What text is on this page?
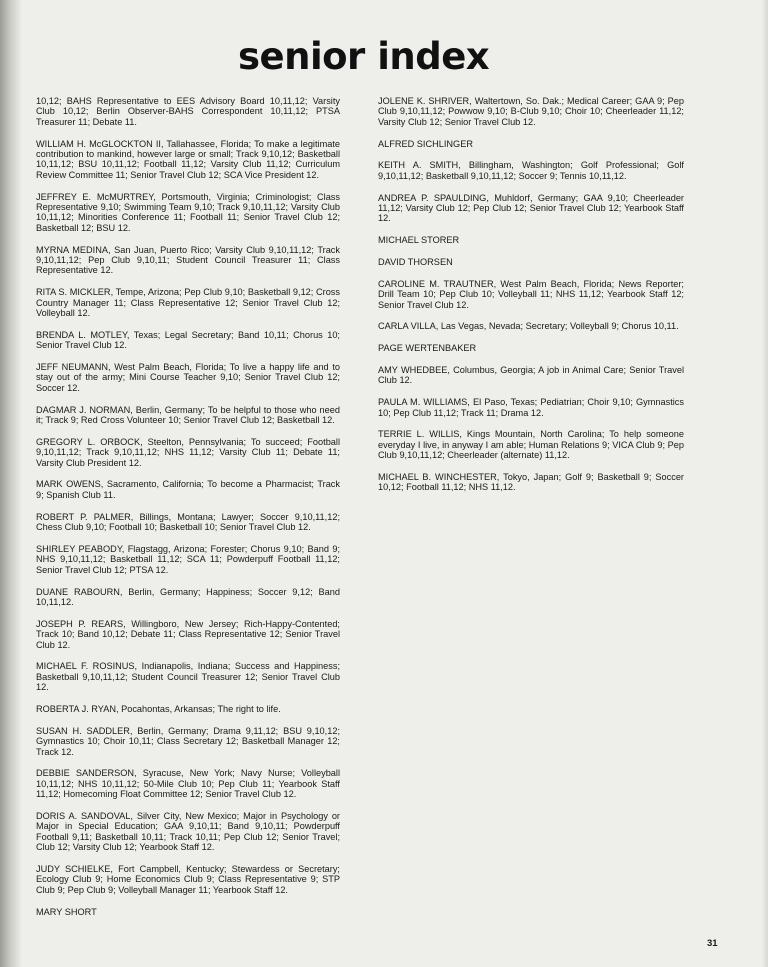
senior index

10,12; BAHS Representative to EES Advisory Board 10,11,12; Varsity Club 10,12; Berlin Observer-BAHS Correspondent 10,11,12; PTSA Treasurer 11; Debate 11.

WILLIAM H. McGLOCKTON II, Tallahassee, Florida; To make a legitimate contribution to mankind, however large or small; Track 9,10,12; Basketball 10,11,12; BSU 10,11,12; Football 11,12; Varsity Club 11,12; Curriculum Review Committee 11; Senior Travel Club 12; SCA Vice President 12.

JEFFREY E. McMURTREY, Portsmouth, Virginia; Criminologist; Class Representative 9,10; Swimming Team 9,10; Track 9,10,11,12; Varsity Club 10,11,12; Minorities Conference 11; Football 11; Senior Travel Club 12; Basketball 12; BSU 12.

MYRNA MEDINA, San Juan, Puerto Rico; Varsity Club 9,10,11,12; Track 9,10,11,12; Pep Club 9,10,11; Student Council Treasurer 11; Class Representative 12.

RITA S. MICKLER, Tempe, Arizona; Pep Club 9,10; Basketball 9,12; Cross Country Manager 11; Class Representative 12; Senior Travel Club 12; Volleyball 12.

BRENDA L. MOTLEY, Texas; Legal Secretary; Band 10,11; Chorus 10; Senior Travel Club 12.

JEFF NEUMANN, West Palm Beach, Florida; To live a happy life and to stay out of the army; Mini Course Teacher 9,10; Senior Travel Club 12; Soccer 12.

DAGMAR J. NORMAN, Berlin, Germany; To be helpful to those who need it; Track 9; Red Cross Volunteer 10; Senior Travel Club 12; Basketball 12.

GREGORY L. ORBOCK, Steelton, Pennsylvania; To succeed; Football 9,10,11,12; Track 9,10,11,12; NHS 11,12; Varsity Club 11; Debate 11; Varsity Club President 12.

MARK OWENS, Sacramento, California; To become a Pharmacist; Track 9; Spanish Club 11.

ROBERT P. PALMER, Billings, Montana; Lawyer; Soccer 9,10,11,12; Chess Club 9,10; Football 10; Basketball 10; Senior Travel Club 12.

SHIRLEY PEABODY, Flagstagg, Arizona; Forester; Chorus 9,10; Band 9; NHS 9,10,11,12; Basketball 11,12; SCA 11; Powderpuff Football 11,12; Senior Travel Club 12; PTSA 12.

DUANE RABOURN, Berlin, Germany; Happiness; Soccer 9,12; Band 10,11,12.

JOSEPH P. REARS, Willingboro, New Jersey; Rich-Happy-Contented; Track 10; Band 10,12; Debate 11; Class Representative 12; Senior Travel Club 12.

MICHAEL F. ROSINUS, Indianapolis, Indiana; Success and Happiness; Basketball 9,10,11,12; Student Council Treasurer 12; Senior Travel Club 12.

ROBERTA J. RYAN, Pocahontas, Arkansas; The right to life.

SUSAN H. SADDLER, Berlin, Germany; Drama 9,11,12; BSU 9,10,12; Gymnastics 10; Choir 10,11; Class Secretary 12; Basketball Manager 12; Track 12.

DEBBIE SANDERSON, Syracuse, New York; Navy Nurse; Volleyball 10,11,12; NHS 10,11,12; 50-Mile Club 10; Pep Club 11; Yearbook Staff 11,12; Homecoming Float Committee 12; Senior Travel Club 12.

DORIS A. SANDOVAL, Silver City, New Mexico; Major in Psychology or Major in Special Education; GAA 9,10,11; Band 9,10,11; Powderpuff Football 9,11; Basketball 10,11; Track 10,11; Pep Club 12; Senior Travel; Club 12; Varsity Club 12; Yearbook Staff 12.

JUDY SCHIELKE, Fort Campbell, Kentucky; Stewardess or Secretary; Ecology Club 9; Home Economics Club 9; Class Representative 9; STP Club 9; Pep Club 9; Volleyball Manager 11; Yearbook Staff 12.

MARY SHORT

JOLENE K. SHRIVER, Waltertown, So. Dak.; Medical Career; GAA 9; Pep Club 9,10,11,12; Powwow 9,10; B-Club 9,10; Choir 10; Cheerleader 11,12; Varsity Club 12; Senior Travel Club 12.

ALFRED SICHLINGER

KEITH A. SMITH, Billingham, Washington; Golf Professional; Golf 9,10,11,12; Basketball 9,10,11,12; Soccer 9; Tennis 10,11,12.

ANDREA P. SPAULDING, Muhldorf, Germany; GAA 9,10; Cheerleader 11,12; Varsity Club 12; Pep Club 12; Senior Travel Club 12; Yearbook Staff 12.

MICHAEL STORER

DAVID THORSEN

CAROLINE M. TRAUTNER, West Palm Beach, Florida; News Reporter; Drill Team 10; Pep Club 10; Volleyball 11; NHS 11,12; Yearbook Staff 12; Senior Travel Club 12.

CARLA VILLA, Las Vegas, Nevada; Secretary; Volleyball 9; Chorus 10,11.

PAGE WERTENBAKER

AMY WHEDBEE, Columbus, Georgia; A job in Animal Care; Senior Travel Club 12.

PAULA M. WILLIAMS, El Paso, Texas; Pediatrian; Choir 9,10; Gymnastics 10; Pep Club 11,12; Track 11; Drama 12.

TERRIE L. WILLIS, Kings Mountain, North Carolina; To help someone everyday I live, in anyway I am able; Human Relations 9; VICA Club 9; Pep Club 9,10,11,12; Cheerleader (alternate) 11,12.

MICHAEL B. WINCHESTER, Tokyo, Japan; Golf 9; Basketball 9; Soccer 10,12; Football 11,12; NHS 11,12.

31
